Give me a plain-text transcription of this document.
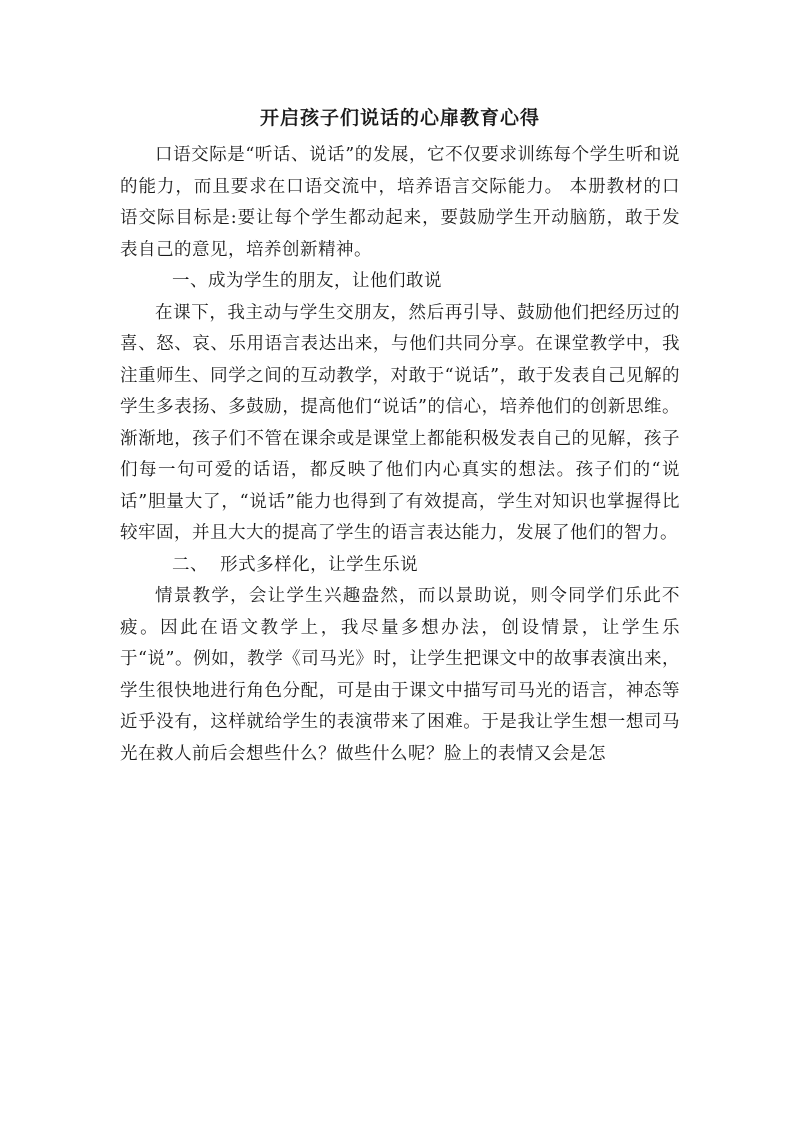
开启孩子们说话的心扉教育心得

口语交际是“听话、说话”的发展，它不仅要求训练每个学生听和说的能力，而且要求在口语交流中，培养语言交际能力。 本册教材的口语交际目标是:要让每个学生都动起来，要鼓励学生开动脑筋，敢于发表自己的意见，培养创新精神。

一、成为学生的朋友，让他们敢说

在课下，我主动与学生交朋友，然后再引导、鼓励他们把经历过的喜、怒、哀、乐用语言表达出来，与他们共同分享。在课堂教学中，我注重师生、同学之间的互动教学，对敢于“说话”，敢于发表自己见解的学生多表扬、多鼓励，提高他们“说话”的信心，培养他们的创新思维。渐渐地，孩子们不管在课余或是课堂上都能积极发表自己的见解，孩子们每一句可爱的话语，都反映了他们内心真实的想法。孩子们的“说话”胆量大了，“说话”能力也得到了有效提高，学生对知识也掌握得比较牢固，并且大大的提高了学生的语言表达能力，发展了他们的智力。

二、  形式多样化，让学生乐说

情景教学，会让学生兴趣盎然，而以景助说，则令同学们乐此不疲。因此在语文教学上，我尽量多想办法，创设情景，让学生乐于“说”。例如，教学《司马光》时，让学生把课文中的故事表演出来，学生很快地进行角色分配，可是由于课文中描写司马光的语言，神态等近乎没有，这样就给学生的表演带来了困难。于是我让学生想一想司马光在救人前后会想些什么？做些什么呢？脸上的表情又会是怎
